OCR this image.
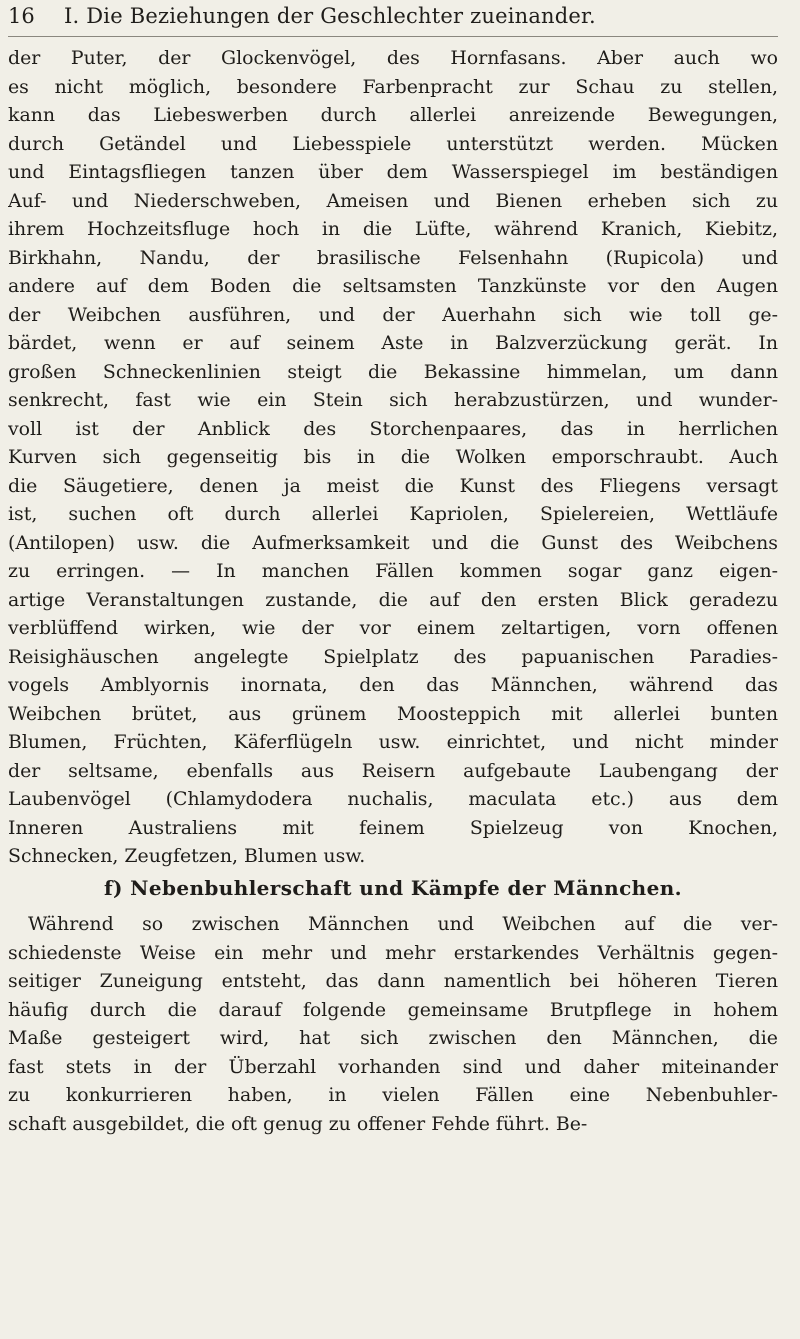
16	I. Die Beziehungen der Geschlechter zueinander.
der Puter, der Glockenvögel, des Hornfasans. Aber auch wo
es nicht möglich, besondere Farbenpracht zur Schau zu stellen,
kann das Liebeswerben durch allerlei anreizende Bewegungen,
durch Getändel und Liebesspiele unterstützt werden. Mücken
und Eintagsfliegen tanzen über dem Wasserspiegel im beständigen
Auf- und Niederschweben, Ameisen und Bienen erheben sich zu
ihrem Hochzeitsfluge hoch in die Lüfte, während Kranich, Kiebitz,
Birkhahn, Nandu, der brasilische Felsenhahn (Rupicola) und
andere auf dem Boden die seltsamsten Tanzkünste vor den Augen
der Weibchen ausführen, und der Auerhahn sich wie toll ge-
bärdet, wenn er auf seinem Aste in Balzverzückung gerät. In
großen Schneckenlinien steigt die Bekassine himmelan, um dann
senkrecht, fast wie ein Stein sich herabzustürzen, und wunder-
voll ist der Anblick des Storchenpaares, das in herrlichen
Kurven sich gegenseitig bis in die Wolken emporschraubt. Auch
die Säugetiere, denen ja meist die Kunst des Fliegens versagt
ist, suchen oft durch allerlei Kapriolen, Spielereien, Wettläufe
(Antilopen) usw. die Aufmerksamkeit und die Gunst des Weibchens
zu erringen. — In manchen Fällen kommen sogar ganz eigen-
artige Veranstaltungen zustande, die auf den ersten Blick geradezu
verblüffend wirken, wie der vor einem zeltartigen, vorn offenen
Reisighäuschen angelegte Spielplatz des papuanischen Paradies-
vogels Amblyornis inornata, den das Männchen, während das
Weibchen brütet, aus grünem Moosteppich mit allerlei bunten
Blumen, Früchten, Käferflügeln usw. einrichtet, und nicht minder
der seltsame, ebenfalls aus Reisern aufgebaute Laubengang der
Laubenvögel (Chlamydodera nuchalis, maculata etc.) aus dem
Inneren Australiens mit feinem Spielzeug von Knochen,
Schnecken, Zeugfetzen, Blumen usw.
f) Nebenbuhlerschaft und Kämpfe der Männchen.
Während so zwischen Männchen und Weibchen auf die ver-
schiedenste Weise ein mehr und mehr erstarkendes Verhältnis gegen-
seitiger Zuneigung entsteht, das dann namentlich bei höheren Tieren
häufig durch die darauf folgende gemeinsame Brutpflege in hohem
Maße gesteigert wird, hat sich zwischen den Männchen, die
fast stets in der Überzahl vorhanden sind und daher miteinander
zu konkurrieren haben, in vielen Fällen eine Nebenbuhler-
schaft ausgebildet, die oft genug zu offener Fehde führt. Be-
